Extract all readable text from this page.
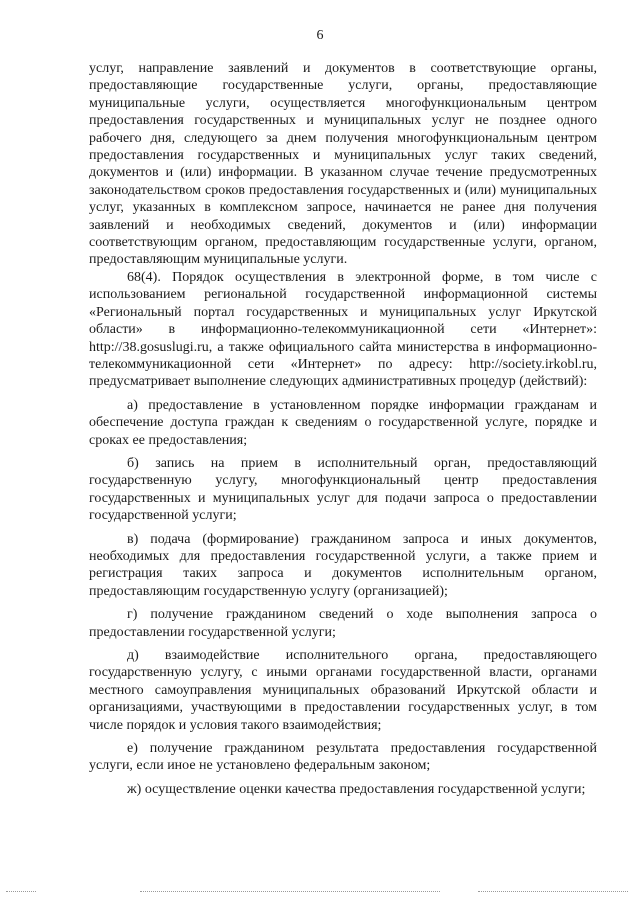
6

услуг, направление заявлений и документов в соответствующие органы, предоставляющие государственные услуги, органы, предоставляющие муниципальные услуги, осуществляется многофункциональным центром предоставления государственных и муниципальных услуг не позднее одного рабочего дня, следующего за днем получения многофункциональным центром предоставления государственных и муниципальных услуг таких сведений, документов и (или) информации. В указанном случае течение предусмотренных законодательством сроков предоставления государственных и (или) муниципальных услуг, указанных в комплексном запросе, начинается не ранее дня получения заявлений и необходимых сведений, документов и (или) информации соответствующим органом, предоставляющим государственные услуги, органом, предоставляющим муниципальные услуги.

68(4). Порядок осуществления в электронной форме, в том числе с использованием региональной государственной информационной системы «Региональный портал государственных и муниципальных услуг Иркутской области» в информационно-телекоммуникационной сети «Интернет»: http://38.gosuslugi.ru, а также официального сайта министерства в информационно-телекоммуникационной сети «Интернет» по адресу: http://society.irkobl.ru, предусматривает выполнение следующих административных процедур (действий):

а) предоставление в установленном порядке информации гражданам и обеспечение доступа граждан к сведениям о государственной услуге, порядке и сроках ее предоставления;

б) запись на прием в исполнительный орган, предоставляющий государственную услугу, многофункциональный центр предоставления государственных и муниципальных услуг для подачи запроса о предоставлении государственной услуги;

в) подача (формирование) гражданином запроса и иных документов, необходимых для предоставления государственной услуги, а также прием и регистрация таких запроса и документов исполнительным органом, предоставляющим государственную услугу (организацией);

г) получение гражданином сведений о ходе выполнения запроса о предоставлении государственной услуги;

д) взаимодействие исполнительного органа, предоставляющего государственную услугу, с иными органами государственной власти, органами местного самоуправления муниципальных образований Иркутской области и организациями, участвующими в предоставлении государственных услуг, в том числе порядок и условия такого взаимодействия;

е) получение гражданином результата предоставления государственной услуги, если иное не установлено федеральным законом;

ж) осуществление оценки качества предоставления государственной услуги;
